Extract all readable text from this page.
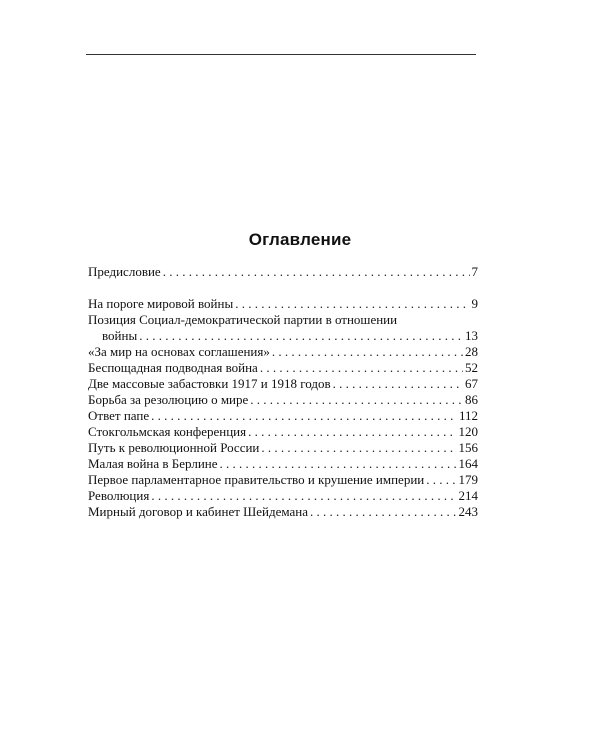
Оглавление
Предисловие . . .	7
На пороге мировой войны . . .	9
Позиция Социал-демократической партии в отношении
войны . . .	13
«За мир на основах соглашения» . . .	28
Беспощадная подводная война . . .	52
Две массовые забастовки 1917 и 1918 годов . . .	67
Борьба за резолюцию о мире . . .	86
Ответ папе . . .	112
Стокгольмская конференция . . .	120
Путь к революционной России . . .	156
Малая война в Берлине . . .	164
Первое парламентарное правительство и крушение империи . . .	179
Революция . . .	214
Мирный договор и кабинет Шейдемана . . .	243
